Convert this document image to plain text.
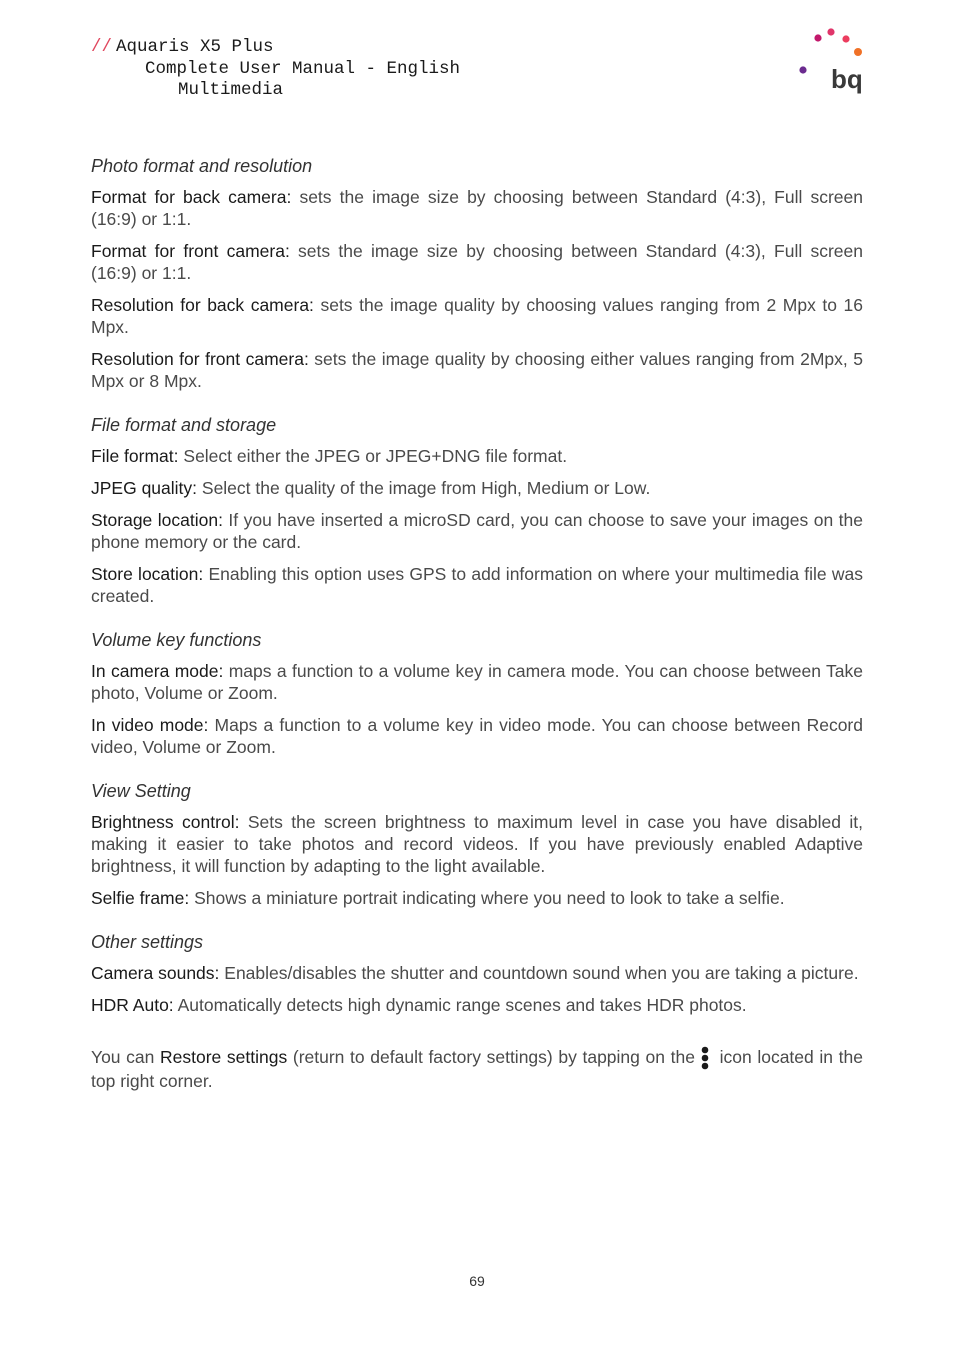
// Aquaris X5 Plus
Complete User Manual - English
Multimedia	bq

Photo format and resolution

Format for back camera: sets the image size by choosing between Standard (4:3), Full screen (16:9) or 1:1.

Format for front camera: sets the image size by choosing between Standard (4:3), Full screen (16:9) or 1:1.

Resolution for back camera: sets the image quality by choosing values ranging from 2 Mpx to 16 Mpx.

Resolution for front camera: sets the image quality by choosing either values ranging from 2Mpx, 5 Mpx or 8 Mpx.

File format and storage

File format: Select either the JPEG or JPEG+DNG file format.

JPEG quality: Select the quality of the image from High, Medium or Low.

Storage location: If you have inserted a microSD card, you can choose to save your images on the phone memory or the card.

Store location: Enabling this option uses GPS to add information on where your multimedia file was created.

Volume key functions

In camera mode: maps a function to a volume key in camera mode. You can choose between Take photo, Volume or Zoom.

In video mode: Maps a function to a volume key in video mode. You can choose between Record video, Volume or Zoom.

View Setting

Brightness control: Sets the screen brightness to maximum level in case you have disabled it, making it easier to take photos and record videos. If you have previously enabled Adaptive brightness, it will function by adapting to the light available.

Selfie frame: Shows a miniature portrait indicating where you need to look to take a selfie.

Other settings

Camera sounds: Enables/disables the shutter and countdown sound when you are taking a picture.

HDR Auto: Automatically detects high dynamic range scenes and takes HDR photos.

You can Restore settings (return to default factory settings) by tapping on the icon located in the top right corner.

69
